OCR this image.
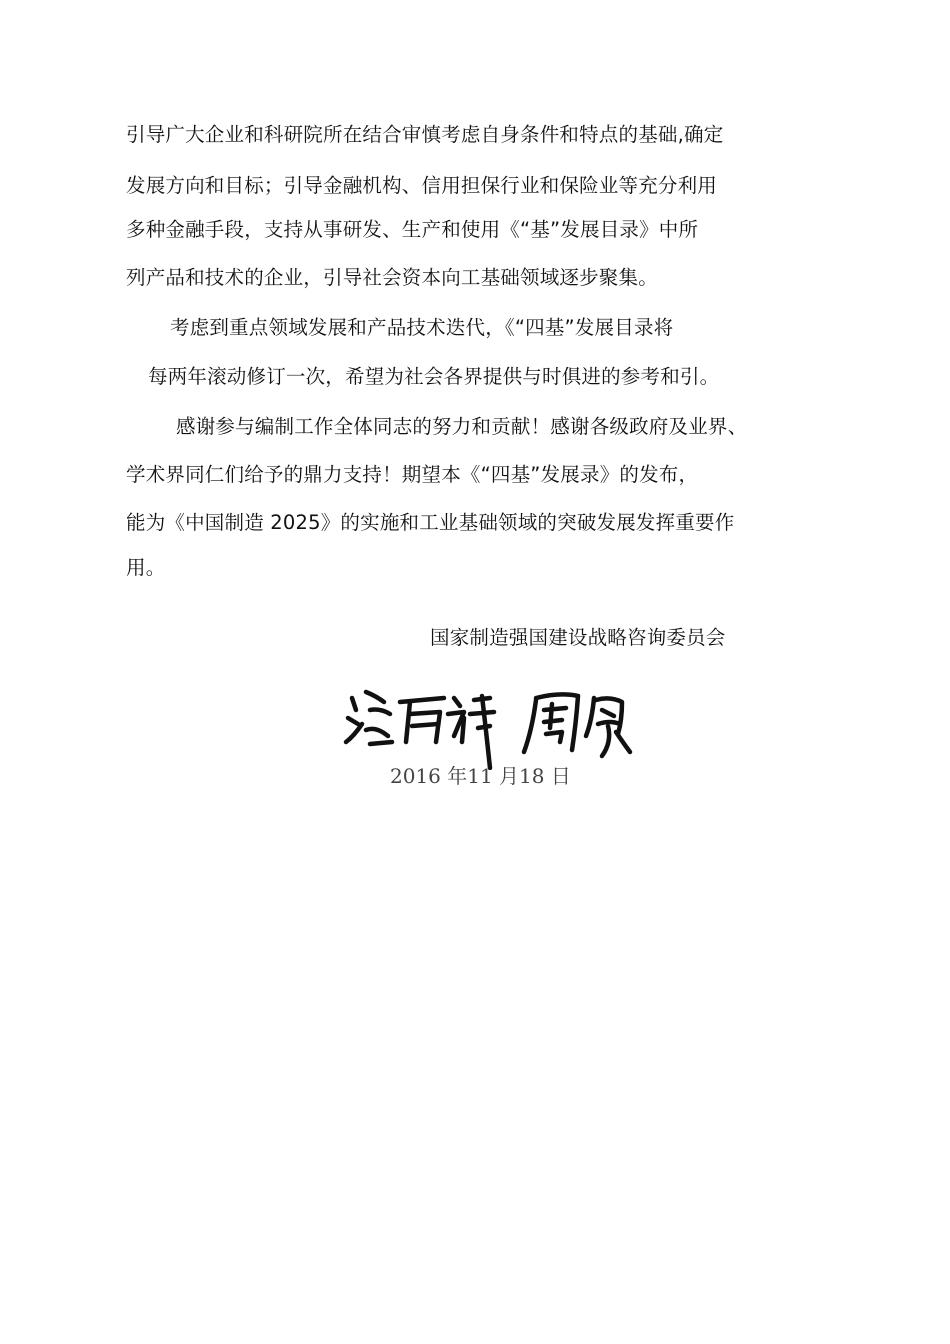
引导广大企业和科研院所在结合审慎考虑自身条件和特点的基础,确定
发展方向和目标；引导金融机构、信用担保行业和保险业等充分利用
多种金融手段，支持从事研发、生产和使用《“基”发展目录》中所
列产品和技术的企业，引导社会资本向工基础领域逐步聚集。
考虑到重点领域发展和产品技术迭代，《“四基”发展目录将
每两年滚动修订一次，希望为社会各界提供与时俱进的参考和引。
感谢参与编制工作全体同志的努力和贡献！感谢各级政府及业界、
学术界同仁们给予的鼎力支持！期望本《“四基”发展录》的发布，
能为《中国制造 2025》的实施和工业基础领域的突破发展发挥重要作
用。
国家制造强国建设战略咨询委员会
2016 年11 月18 日
